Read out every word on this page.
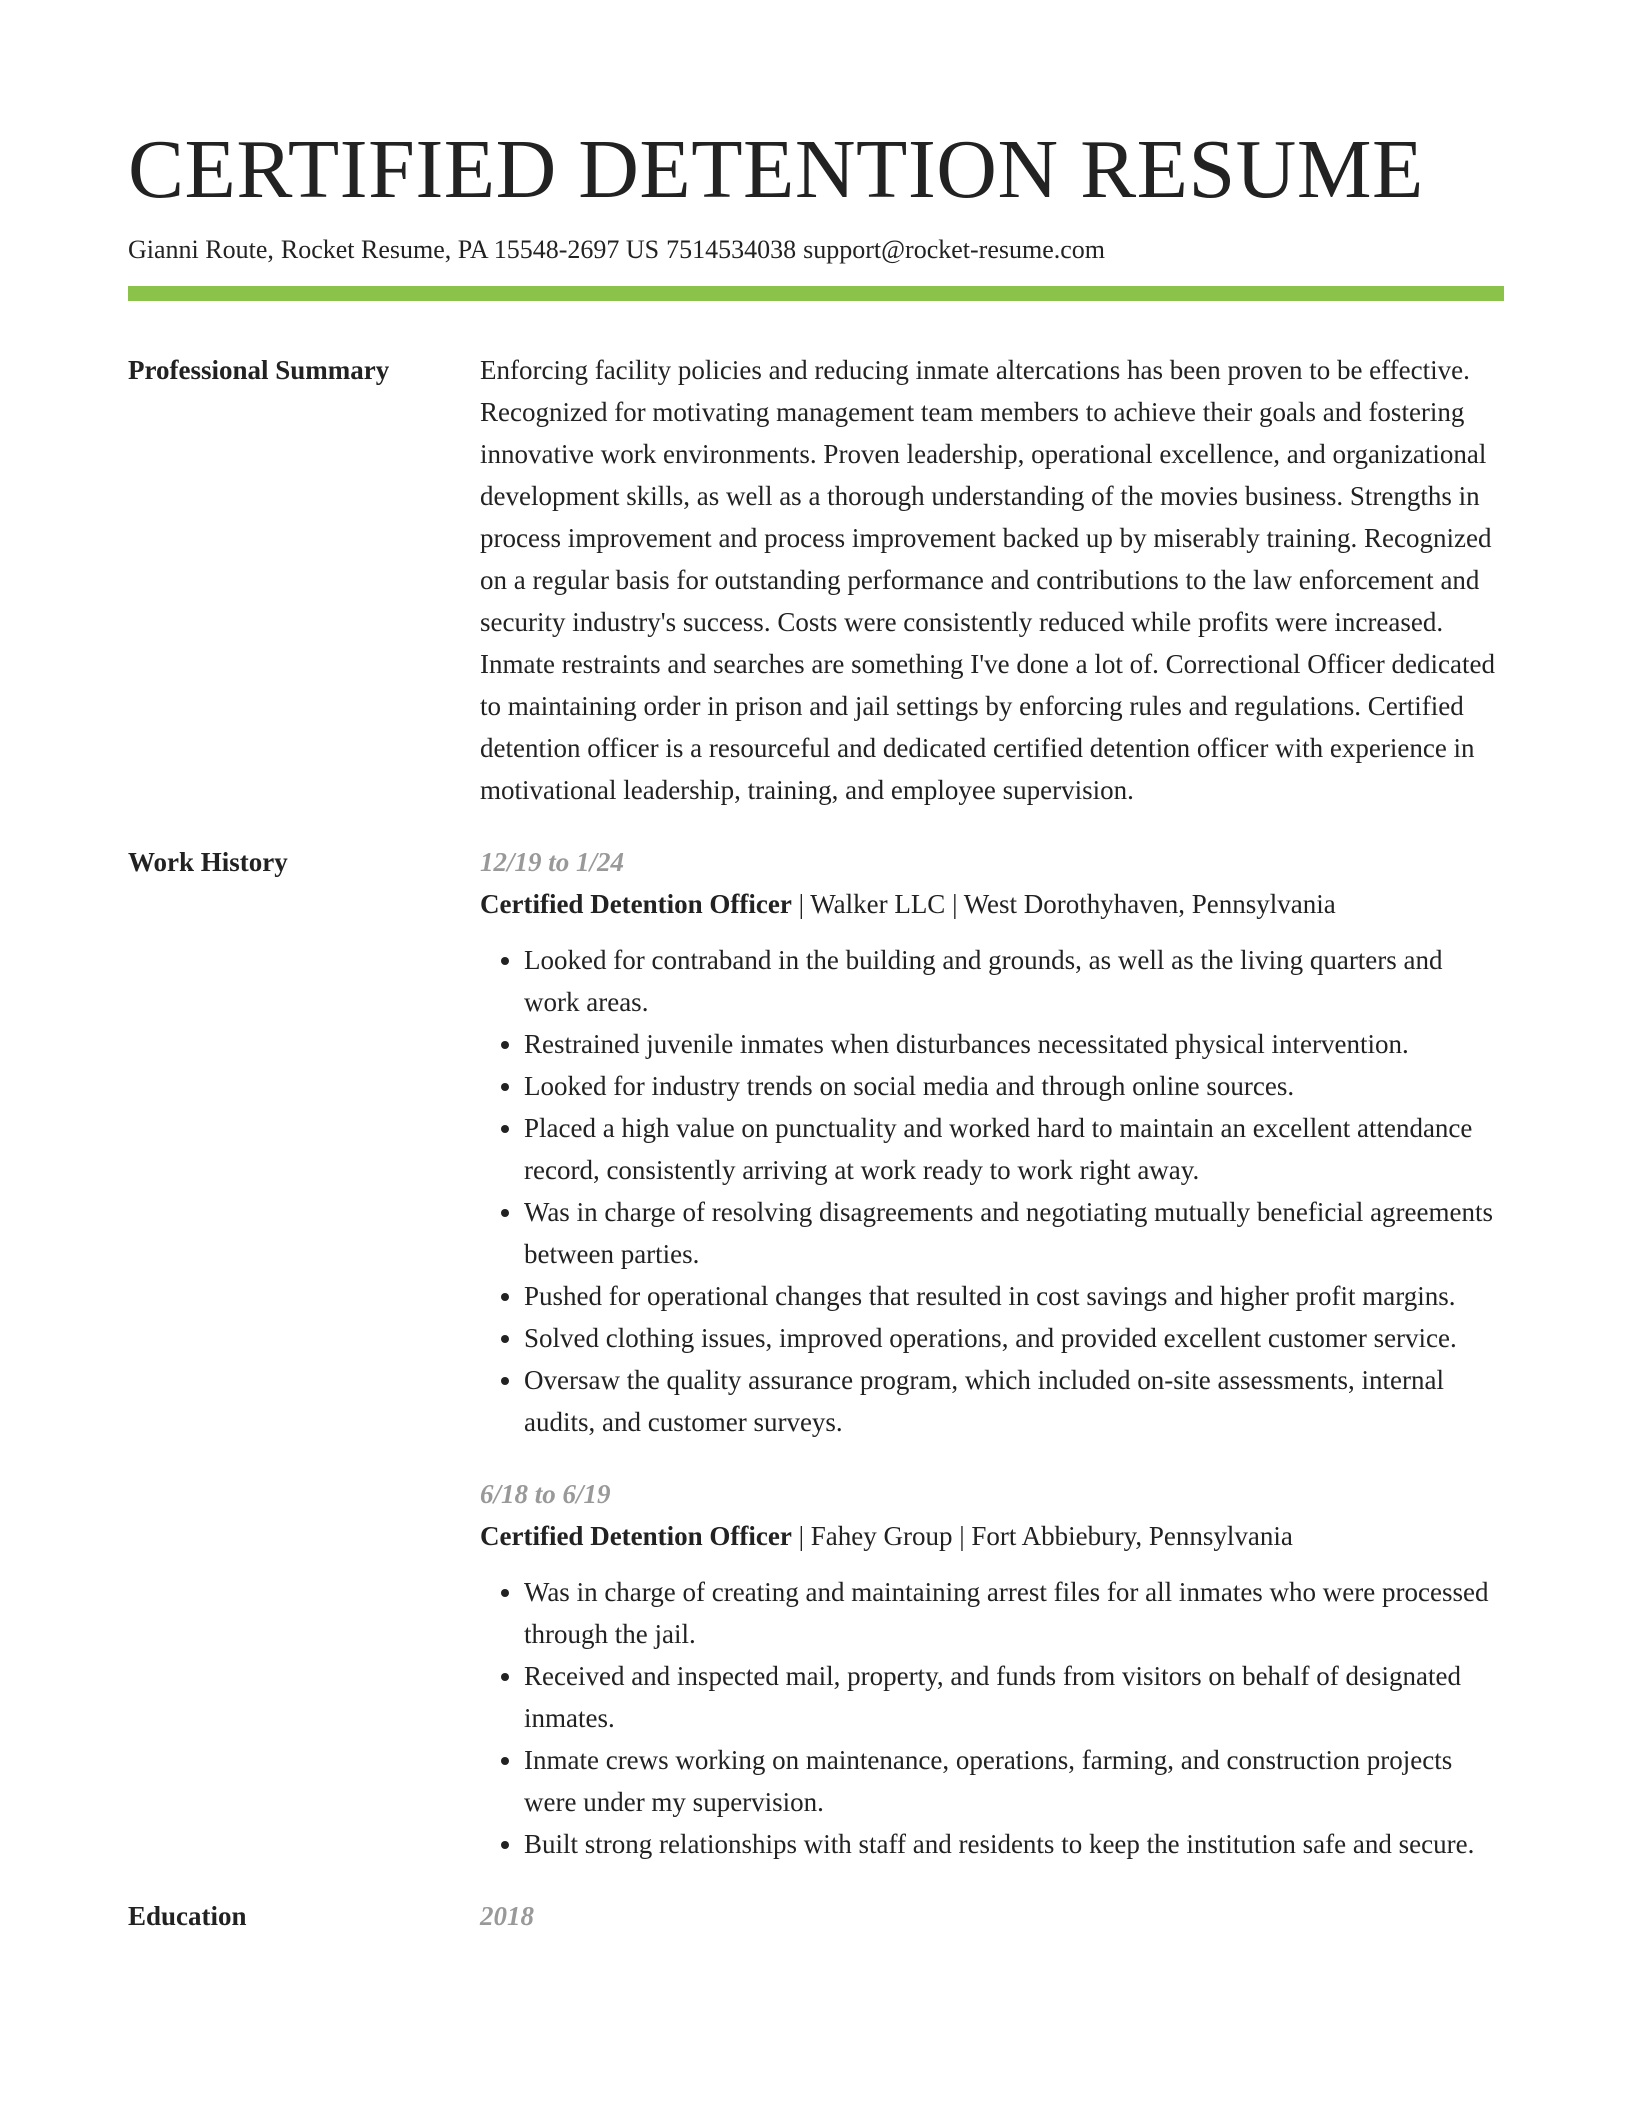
CERTIFIED DETENTION RESUME
Gianni Route, Rocket Resume, PA 15548-2697 US 7514534038 support@rocket-resume.com
Professional Summary	Enforcing facility policies and reducing inmate altercations has been proven to be effective. Recognized for motivating management team members to achieve their goals and fostering innovative work environments. Proven leadership, operational excellence, and organizational development skills, as well as a thorough understanding of the movies business. Strengths in process improvement and process improvement backed up by miserably training. Recognized on a regular basis for outstanding performance and contributions to the law enforcement and security industry's success. Costs were consistently reduced while profits were increased. Inmate restraints and searches are something I've done a lot of. Correctional Officer dedicated to maintaining order in prison and jail settings by enforcing rules and regulations. Certified detention officer is a resourceful and dedicated certified detention officer with experience in motivational leadership, training, and employee supervision.

Work History	12/19 to 1/24
Certified Detention Officer | Walker LLC | West Dorothyhaven, Pennsylvania
• Looked for contraband in the building and grounds, as well as the living quarters and work areas.
• Restrained juvenile inmates when disturbances necessitated physical intervention.
• Looked for industry trends on social media and through online sources.
• Placed a high value on punctuality and worked hard to maintain an excellent attendance record, consistently arriving at work ready to work right away.
• Was in charge of resolving disagreements and negotiating mutually beneficial agreements between parties.
• Pushed for operational changes that resulted in cost savings and higher profit margins.
• Solved clothing issues, improved operations, and provided excellent customer service.
• Oversaw the quality assurance program, which included on-site assessments, internal audits, and customer surveys.
6/18 to 6/19
Certified Detention Officer | Fahey Group | Fort Abbiebury, Pennsylvania
• Was in charge of creating and maintaining arrest files for all inmates who were processed through the jail.
• Received and inspected mail, property, and funds from visitors on behalf of designated inmates.
• Inmate crews working on maintenance, operations, farming, and construction projects were under my supervision.
• Built strong relationships with staff and residents to keep the institution safe and secure.
Education	2018
